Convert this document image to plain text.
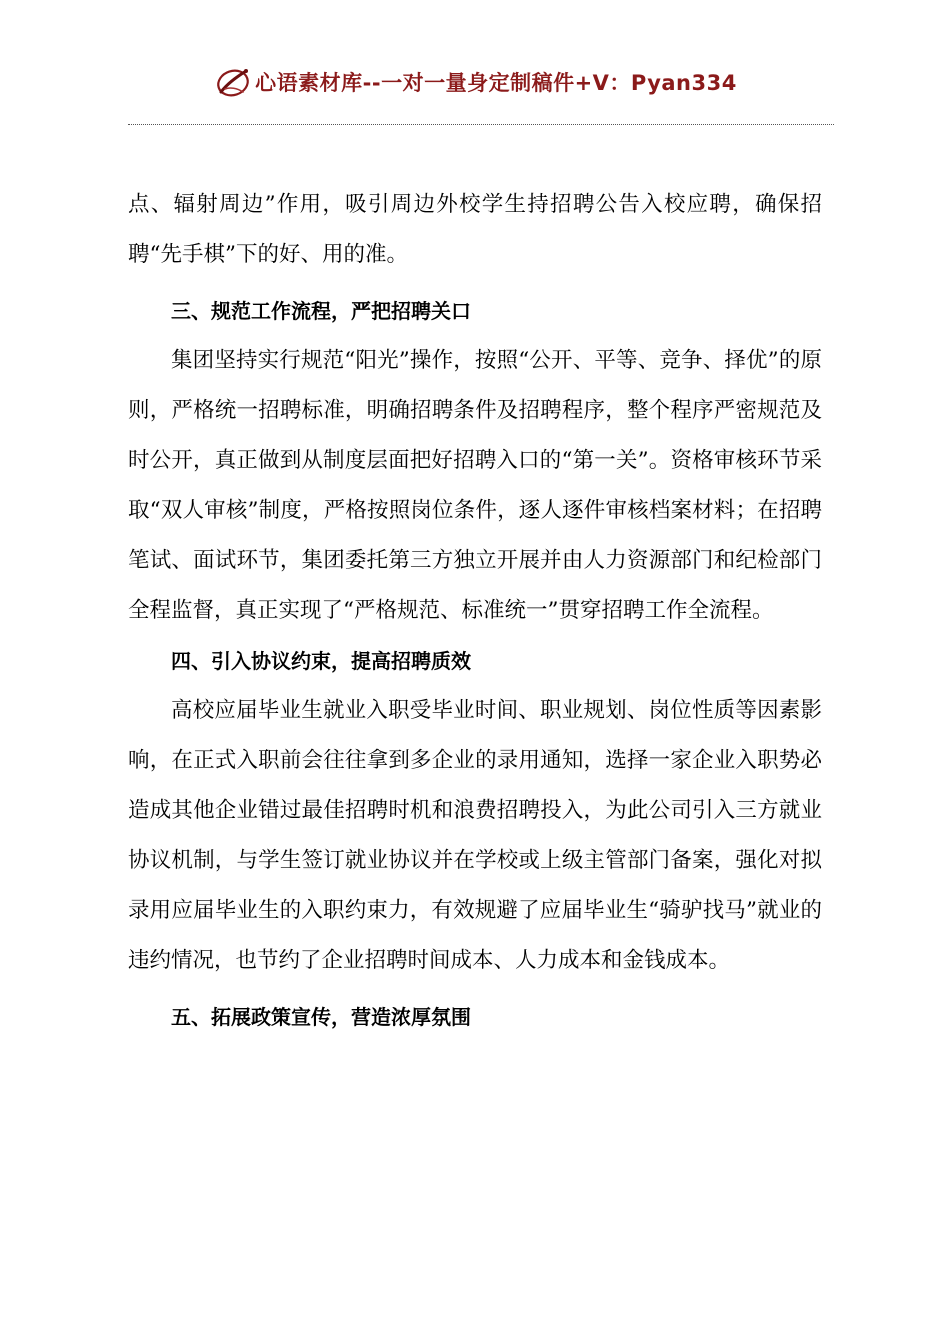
心语素材库--一对一量身定制稿件+V：Pyan334

点、辐射周边”作用，吸引周边外校学生持招聘公告入校应聘，确保招聘“先手棋”下的好、用的准。

三、规范工作流程，严把招聘关口

集团坚持实行规范“阳光”操作，按照“公开、平等、竞争、择优”的原则，严格统一招聘标准，明确招聘条件及招聘程序，整个程序严密规范及时公开，真正做到从制度层面把好招聘入口的“第一关”。资格审核环节采取“双人审核”制度，严格按照岗位条件，逐人逐件审核档案材料；在招聘笔试、面试环节，集团委托第三方独立开展并由人力资源部门和纪检部门全程监督，真正实现了“严格规范、标准统一”贯穿招聘工作全流程。

四、引入协议约束，提高招聘质效

高校应届毕业生就业入职受毕业时间、职业规划、岗位性质等因素影响，在正式入职前会往往拿到多企业的录用通知，选择一家企业入职势必造成其他企业错过最佳招聘时机和浪费招聘投入，为此公司引入三方就业协议机制，与学生签订就业协议并在学校或上级主管部门备案，强化对拟录用应届毕业生的入职约束力，有效规避了应届毕业生“骑驴找马”就业的违约情况，也节约了企业招聘时间成本、人力成本和金钱成本。

五、拓展政策宣传，营造浓厚氛围
